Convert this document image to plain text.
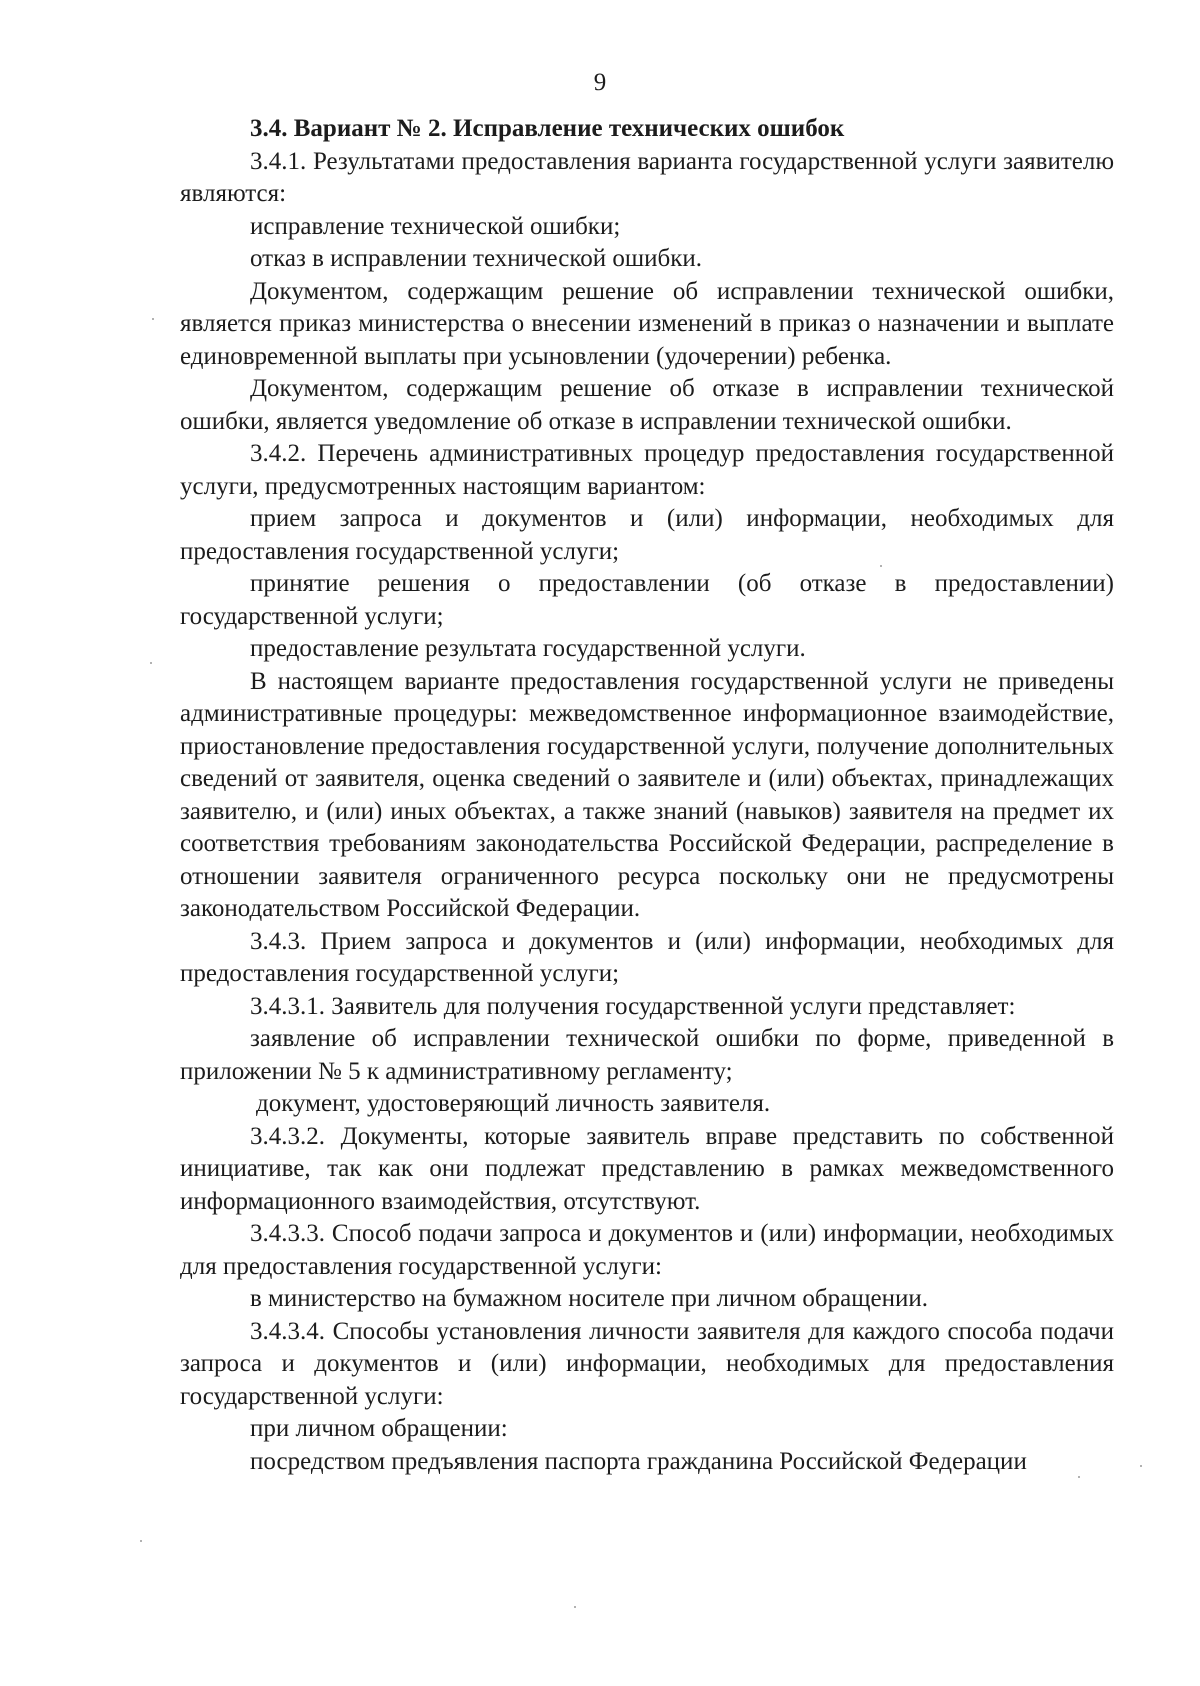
9

3.4. Вариант № 2. Исправление технических ошибок

3.4.1. Результатами предоставления варианта государственной услуги заявителю являются:

исправление технической ошибки;

отказ в исправлении технической ошибки.

Документом, содержащим решение об исправлении технической ошибки, является приказ министерства о внесении изменений в приказ о назначении и выплате единовременной выплаты при усыновлении (удочерении) ребенка.

Документом, содержащим решение об отказе в исправлении технической ошибки, является уведомление об отказе в исправлении технической ошибки.

3.4.2. Перечень административных процедур предоставления государственной услуги, предусмотренных настоящим вариантом:

прием запроса и документов и (или) информации, необходимых для предоставления государственной услуги;

принятие решения о предоставлении (об отказе в предоставлении) государственной услуги;

предоставление результата государственной услуги.

В настоящем варианте предоставления государственной услуги не приведены административные процедуры: межведомственное информационное взаимодействие, приостановление предоставления государственной услуги, получение дополнительных сведений от заявителя, оценка сведений о заявителе и (или) объектах, принадлежащих заявителю, и (или) иных объектах, а также знаний (навыков) заявителя на предмет их соответствия требованиям законодательства Российской Федерации, распределение в отношении заявителя ограниченного ресурса поскольку они не предусмотрены законодательством Российской Федерации.

3.4.3. Прием запроса и документов и (или) информации, необходимых для предоставления государственной услуги;

3.4.3.1. Заявитель для получения государственной услуги представляет:

заявление об исправлении технической ошибки по форме, приведенной в приложении № 5 к административному регламенту;

документ, удостоверяющий личность заявителя.

3.4.3.2. Документы, которые заявитель вправе представить по собственной инициативе, так как они подлежат представлению в рамках межведомственного информационного взаимодействия, отсутствуют.

3.4.3.3. Способ подачи запроса и документов и (или) информации, необходимых для предоставления государственной услуги:

в министерство на бумажном носителе при личном обращении.

3.4.3.4. Способы установления личности заявителя для каждого способа подачи запроса и документов и (или) информации, необходимых для предоставления государственной услуги:

при личном обращении:

посредством предъявления паспорта гражданина Российской Федерации
